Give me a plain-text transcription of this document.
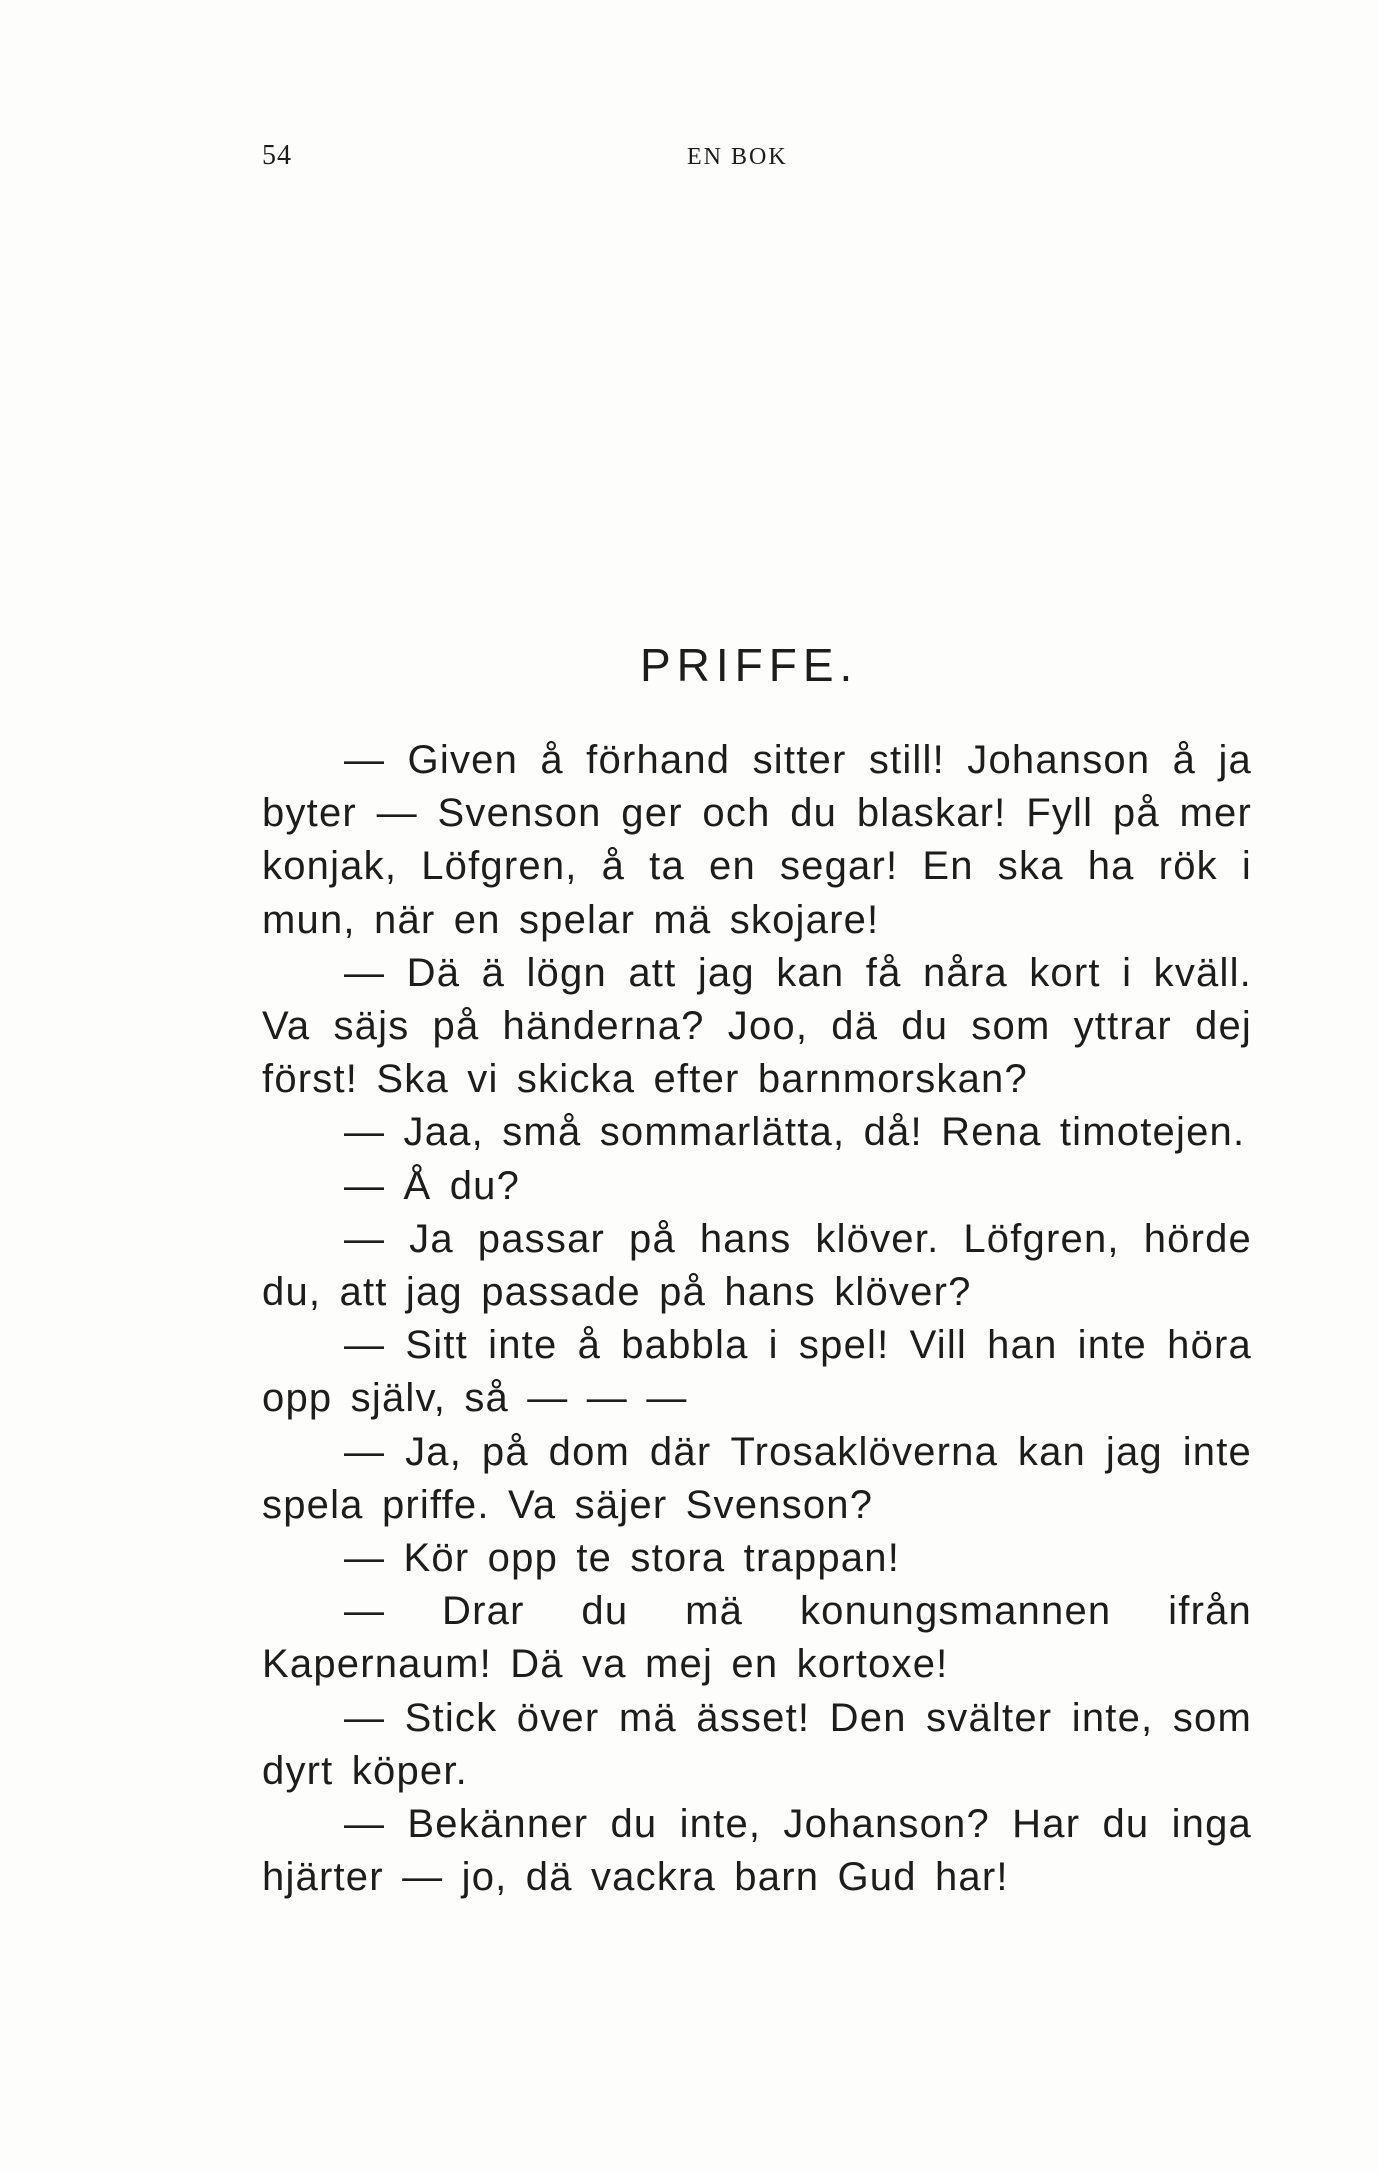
54	EN BOK
PRIFFE.

— Given å förhand sitter still! Johanson å ja byter — Svenson ger och du blaskar! Fyll på mer konjak, Löfgren, å ta en segar! En ska ha rök i mun, när en spelar mä skojare!

— Dä ä lögn att jag kan få nåra kort i kväll. Va säjs på händerna? Joo, dä du som yttrar dej först! Ska vi skicka efter barnmorskan?

— Jaa, små sommarlätta, då! Rena timotejen.

— Å du?

— Ja passar på hans klöver. Löfgren, hörde du, att jag passade på hans klöver?

— Sitt inte å babbla i spel! Vill han inte höra opp själv, så — — —

— Ja, på dom där Trosaklöverna kan jag inte spela priffe. Va säjer Svenson?

— Kör opp te stora trappan!

— Drar du mä konungsmannen ifrån Kapernaum! Dä va mej en kortoxe!

— Stick över mä ässet! Den svälter inte, som dyrt köper.

— Bekänner du inte, Johanson? Har du inga hjärter — jo, dä vackra barn Gud har!
